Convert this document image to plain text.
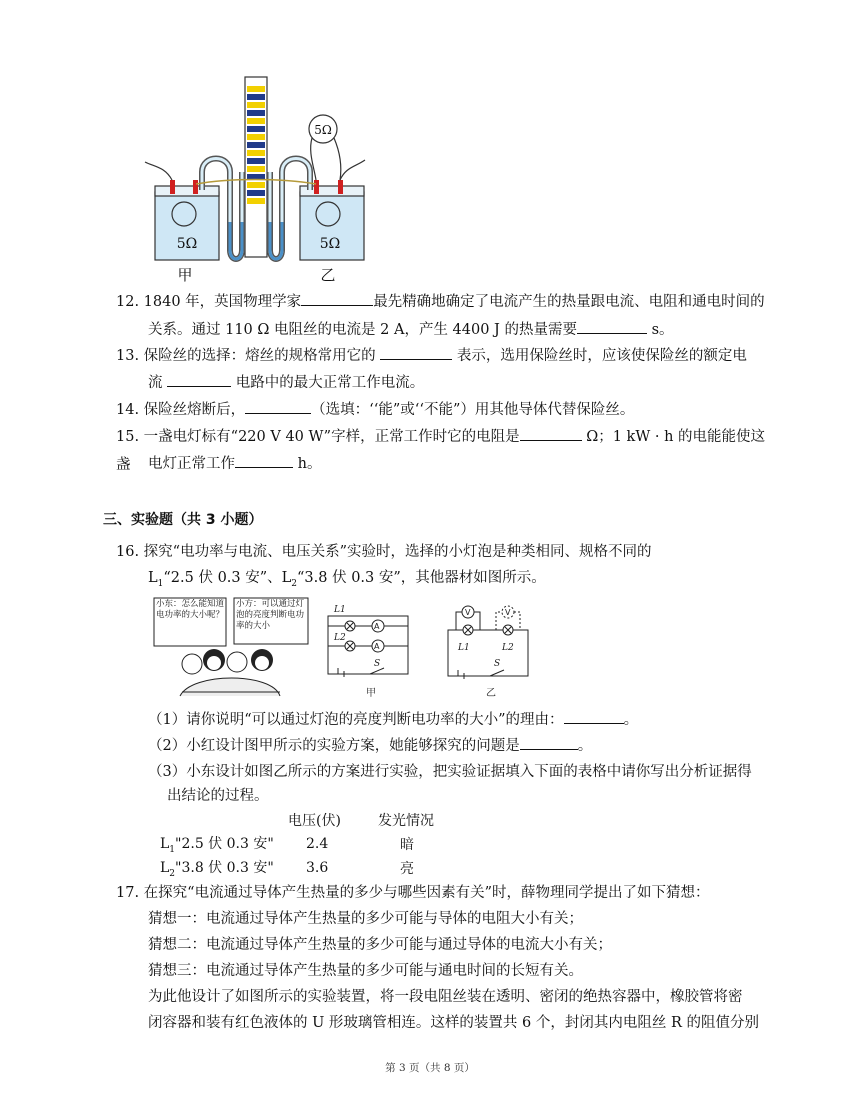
5Ω
甲
5Ω
乙
5Ω
12. 1840 年，英国物理学家	最先精确地确定了电流产生的热量跟电流、电阻和通电时间的
关系。通过 110 Ω 电阻丝的电流是 2 A，产生 4400 J 的热量需要	s。
13. 保险丝的选择：熔丝的规格常用它的	表示，选用保险丝时，应该使保险丝的额定电
流	电路中的最大正常工作电流。
14. 保险丝熔断后，	（选填：‘‘能”或‘‘不能”）用其他导体代替保险丝。
15. 一盏电灯标有“220 V 40 W”字样，正常工作时它的电阻是	Ω；1 kW · h 的电能能使这盏	电灯正常工作	h。
三、实验题（共 3 小题）
16. 探究“电功率与电流、电压关系”实验时，选择的小灯泡是种类相同、规格不同的
$L_1“2.5$ 伏 0.3 安”、$L_2“3.8$ 伏 0.3 安”，其他器材如图所示。
小东：怎么能知道电功率的大小呢？
小方：可以通过灯泡的亮度判断电功率的大小
L1
L2
A
A
S
甲
V	V
L1	L2
S
乙
（1）请你说明“可以通过灯泡的亮度判断电功率的大小”的理由：	。
（2）小红设计图甲所示的实验方案，她能够探究的问题是	。
（3）小东设计如图乙所示的方案进行实验，把实验证据填入下面的表格中请你写出分析证据得
出结论的过程。
	电压(伏)	发光情况
$L_1"2.5$ 伏 0.3 安"	2.4	暗
$L_2"3.8$ 伏 0.3 安"	3.6	亮
17. 在探究“电流通过导体产生热量的多少与哪些因素有关”时，薛物理同学提出了如下猜想：
猜想一：电流通过导体产生热量的多少可能与导体的电阻大小有关；
猜想二：电流通过导体产生热量的多少可能与通过导体的电流大小有关；
猜想三：电流通过导体产生热量的多少可能与通电时间的长短有关。
为此他设计了如图所示的实验装置，将一段电阻丝装在透明、密闭的绝热容器中，橡胶管将密
闭容器和装有红色液体的 U 形玻璃管相连。这样的装置共 6 个，封闭其内电阻丝 R 的阻值分别
第 3 页（共 8 页）
